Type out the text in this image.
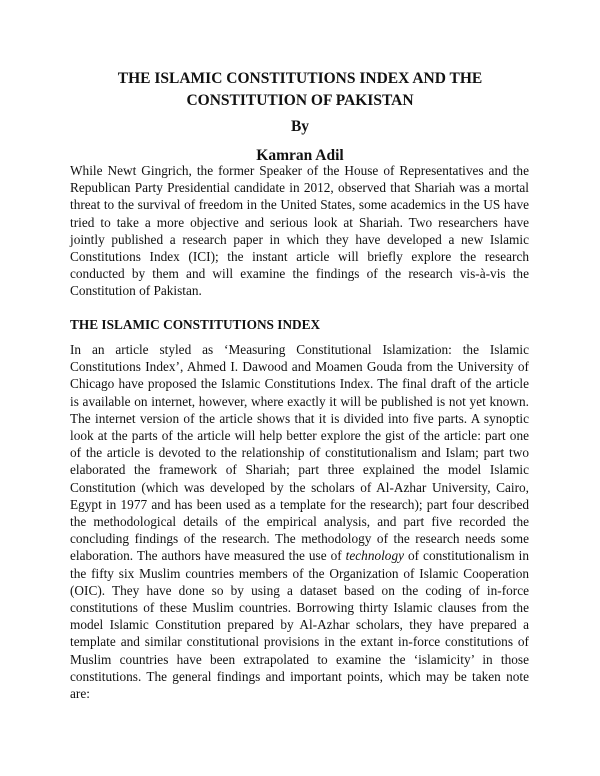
THE ISLAMIC CONSTITUTIONS INDEX AND THE CONSTITUTION OF PAKISTAN

By

Kamran Adil

While Newt Gingrich, the former Speaker of the House of Representatives and the Republican Party Presidential candidate in 2012, observed that Shariah was a mortal threat to the survival of freedom in the United States, some academics in the US have tried to take a more objective and serious look at Shariah. Two researchers have jointly published a research paper in which they have developed a new Islamic Constitutions Index (ICI); the instant article will briefly explore the research conducted by them and will examine the findings of the research vis-à-vis the Constitution of Pakistan.

THE ISLAMIC CONSTITUTIONS INDEX

In an article styled as ‘Measuring Constitutional Islamization: the Islamic Constitutions Index’, Ahmed I. Dawood and Moamen Gouda from the University of Chicago have proposed the Islamic Constitutions Index. The final draft of the article is available on internet, however, where exactly it will be published is not yet known. The internet version of the article shows that it is divided into five parts. A synoptic look at the parts of the article will help better explore the gist of the article: part one of the article is devoted to the relationship of constitutionalism and Islam; part two elaborated the framework of Shariah; part three explained the model Islamic Constitution (which was developed by the scholars of Al-Azhar University, Cairo, Egypt in 1977 and has been used as a template for the research); part four described the methodological details of the empirical analysis, and part five recorded the concluding findings of the research. The methodology of the research needs some elaboration. The authors have measured the use of technology of constitutionalism in the fifty six Muslim countries members of the Organization of Islamic Cooperation (OIC). They have done so by using a dataset based on the coding of in-force constitutions of these Muslim countries. Borrowing thirty Islamic clauses from the model Islamic Constitution prepared by Al-Azhar scholars, they have prepared a template and similar constitutional provisions in the extant in-force constitutions of Muslim countries have been extrapolated to examine the ‘islamicity’ in those constitutions. The general findings and important points, which may be taken note are:
